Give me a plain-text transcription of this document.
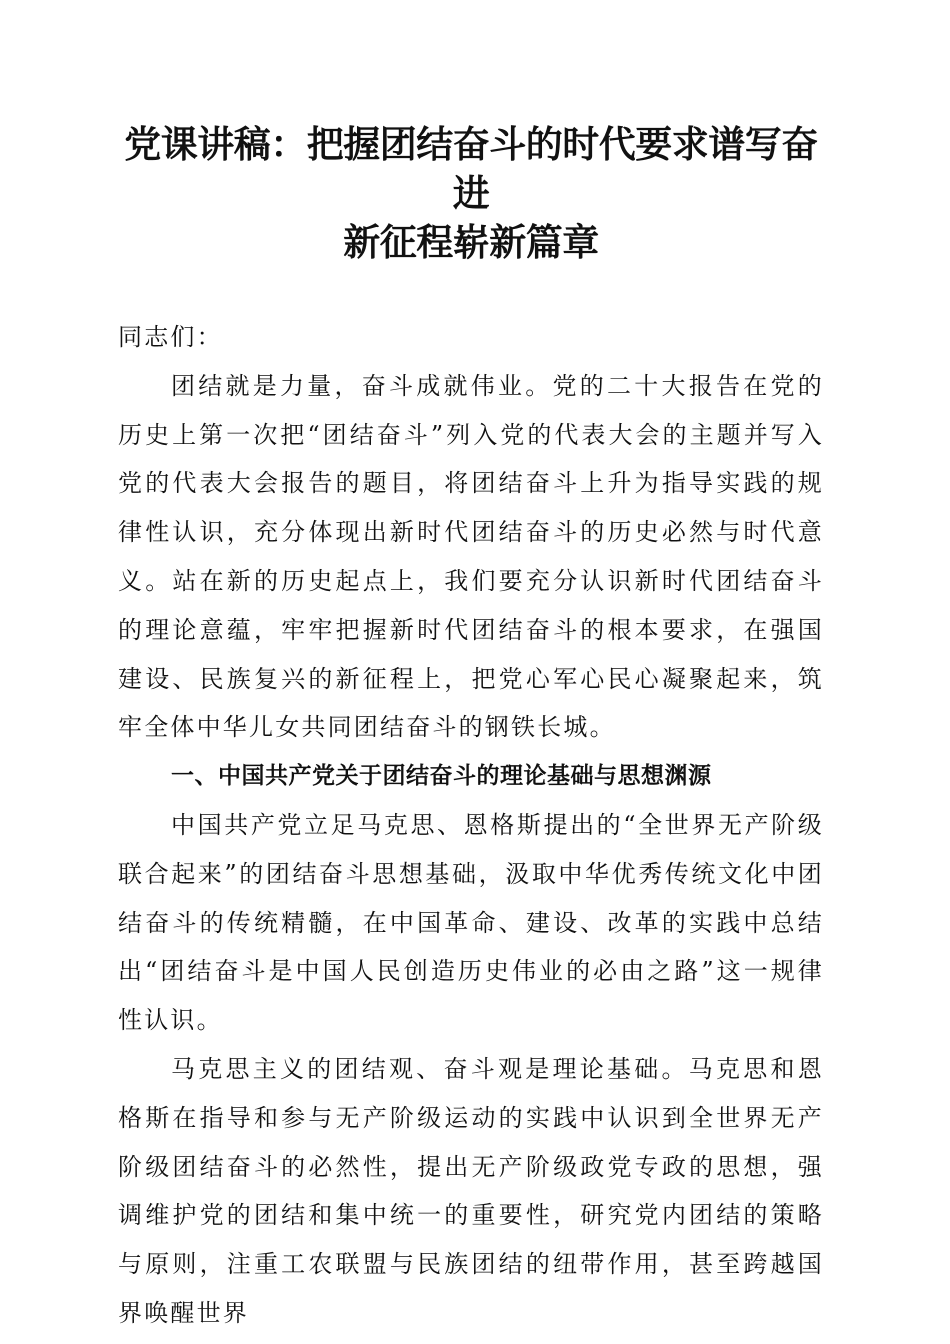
党课讲稿：把握团结奋斗的时代要求谱写奋进
新征程崭新篇章

同志们：

团结就是力量，奋斗成就伟业。党的二十大报告在党的历史上第一次把“团结奋斗”列入党的代表大会的主题并写入党的代表大会报告的题目，将团结奋斗上升为指导实践的规律性认识，充分体现出新时代团结奋斗的历史必然与时代意义。站在新的历史起点上，我们要充分认识新时代团结奋斗的理论意蕴，牢牢把握新时代团结奋斗的根本要求，在强国建设、民族复兴的新征程上，把党心军心民心凝聚起来，筑牢全体中华儿女共同团结奋斗的钢铁长城。

一、中国共产党关于团结奋斗的理论基础与思想渊源

中国共产党立足马克思、恩格斯提出的“全世界无产阶级联合起来”的团结奋斗思想基础，汲取中华优秀传统文化中团结奋斗的传统精髓，在中国革命、建设、改革的实践中总结出“团结奋斗是中国人民创造历史伟业的必由之路”这一规律性认识。

马克思主义的团结观、奋斗观是理论基础。马克思和恩格斯在指导和参与无产阶级运动的实践中认识到全世界无产阶级团结奋斗的必然性，提出无产阶级政党专政的思想，强调维护党的团结和集中统一的重要性，研究党内团结的策略与原则，注重工农联盟与民族团结的纽带作用，甚至跨越国界唤醒世界
